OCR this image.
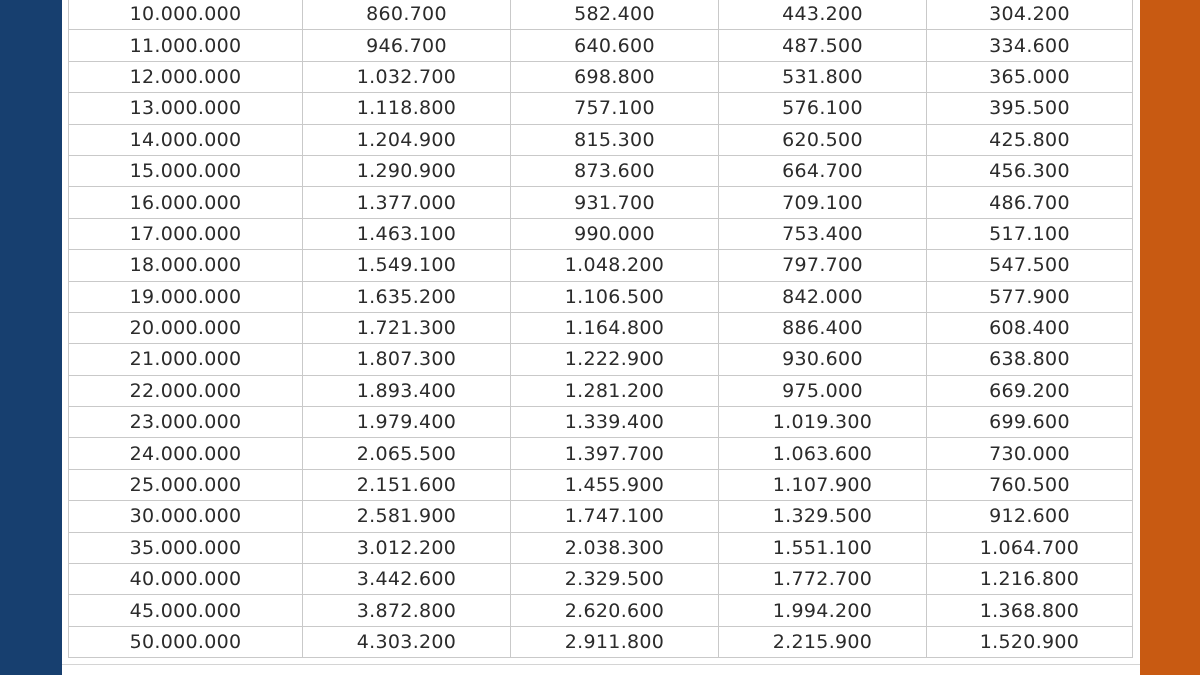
10.000.000	860.700	582.400	443.200	304.200
11.000.000	946.700	640.600	487.500	334.600
12.000.000	1.032.700	698.800	531.800	365.000
13.000.000	1.118.800	757.100	576.100	395.500
14.000.000	1.204.900	815.300	620.500	425.800
15.000.000	1.290.900	873.600	664.700	456.300
16.000.000	1.377.000	931.700	709.100	486.700
17.000.000	1.463.100	990.000	753.400	517.100
18.000.000	1.549.100	1.048.200	797.700	547.500
19.000.000	1.635.200	1.106.500	842.000	577.900
20.000.000	1.721.300	1.164.800	886.400	608.400
21.000.000	1.807.300	1.222.900	930.600	638.800
22.000.000	1.893.400	1.281.200	975.000	669.200
23.000.000	1.979.400	1.339.400	1.019.300	699.600
24.000.000	2.065.500	1.397.700	1.063.600	730.000
25.000.000	2.151.600	1.455.900	1.107.900	760.500
30.000.000	2.581.900	1.747.100	1.329.500	912.600
35.000.000	3.012.200	2.038.300	1.551.100	1.064.700
40.000.000	3.442.600	2.329.500	1.772.700	1.216.800
45.000.000	3.872.800	2.620.600	1.994.200	1.368.800
50.000.000	4.303.200	2.911.800	2.215.900	1.520.900
